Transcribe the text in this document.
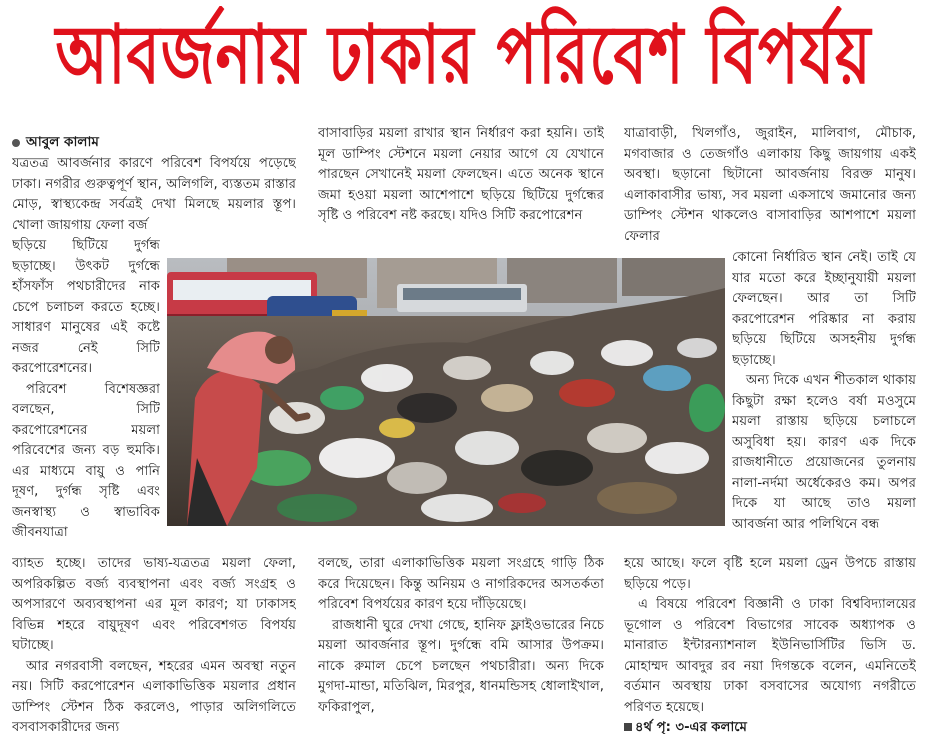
আবর্জনায় ঢাকার পরিবেশ বিপর্যয়
আবুল কালাম

যত্রতত্র আবর্জনার কারণে পরিবেশ বিপর্যয়ে পড়েছে ঢাকা। নগরীর গুরুত্বপূর্ণ স্থান, অলিগলি, ব্যস্ততম রাস্তার মোড়, স্বাস্থ্যকেন্দ্র সর্বত্রই দেখা মিলছে ময়লার স্তূপ। খোলা জায়গায় ফেলা বর্জ

ছড়িয়ে ছিটিয়ে দুর্গন্ধ ছড়াচ্ছে। উৎকট দুর্গন্ধে হাঁসফাঁস পথচারীদের নাক চেপে চলাচল করতে হচ্ছে। সাধারণ মানুষের এই কষ্টে নজর নেই সিটি করপোরেশনের।

পরিবেশ বিশেষজ্ঞরা বলছেন, সিটি করপোরেশনের ময়লা পরিবেশের জন্য বড় হুমকি। এর মাধ্যমে বায়ু ও পানি দূষণ, দুর্গন্ধ সৃষ্টি এবং জনস্বাস্থ্য ও স্বাভাবিক জীবনযাত্রা

ব্যাহত হচ্ছে। তাদের ভাষ্য-যত্রতত্র ময়লা ফেলা, অপরিকল্পিত বর্জ্য ব্যবস্থাপনা এবং বর্জ্য সংগ্রহ ও অপসারণে অব্যবস্থাপনা এর মূল কারণ; যা ঢাকাসহ বিভিন্ন শহরে বায়ুদূষণ এবং পরিবেশগত বিপর্যয় ঘটাচ্ছে।

আর নগরবাসী বলছেন, শহরের এমন অবস্থা নতুন নয়। সিটি করপোরেশন এলাকাভিত্তিক ময়লার প্রধান ডাম্পিং স্টেশন ঠিক করলেও, পাড়ার অলিগলিতে বসবাসকারীদের জন্য

বাসাবাড়ির ময়লা রাখার স্থান নির্ধারণ করা হয়নি। তাই মূল ডাম্পিং স্টেশনে ময়লা নেয়ার আগে যে যেখানে পারছেন সেখানেই ময়লা ফেলছেন। এতে অনেক স্থানে জমা হওয়া ময়লা আশেপাশে ছড়িয়ে ছিটিয়ে দুর্গন্ধের সৃষ্টি ও পরিবেশ নষ্ট করছে। যদিও সিটি করপোরেশন

বলছে, তারা এলাকাভিত্তিক ময়লা সংগ্রহে গাড়ি ঠিক করে দিয়েছেন। কিন্তু অনিয়ম ও নাগরিকদের অসতর্কতা পরিবেশ বিপর্যয়ের কারণ হয়ে দাঁড়িয়েছে।

রাজধানী ঘুরে দেখা গেছে, হানিফ ফ্লাইওভারের নিচে ময়লা আবর্জনার স্তূপ। দুর্গন্ধে বমি আসার উপক্রম। নাকে রুমাল চেপে চলছেন পথচারীরা। অন্য দিকে মুগদা-মান্ডা, মতিঝিল, মিরপুর, ধানমন্ডিসহ ধোলাইখাল, ফকিরাপুল,

যাত্রাবাড়ী, খিলগাঁও, জুরাইন, মালিবাগ, মৌচাক, মগবাজার ও তেজগাঁও এলাকায় কিছু জায়গায় একই অবস্থা। ছড়ানো ছিটানো আবর্জনায় বিরক্ত মানুষ। এলাকাবাসীর ভাষ্য, সব ময়লা একসাথে জমানোর জন্য ডাম্পিং স্টেশন থাকলেও বাসাবাড়ির আশপাশে ময়লা ফেলার

কোনো নির্ধারিত স্থান নেই। তাই যে যার মতো করে ইচ্ছানুযায়ী ময়লা ফেলছেন। আর তা সিটি করপোরেশন পরিষ্কার না করায় ছড়িয়ে ছিটিয়ে অসহনীয় দুর্গন্ধ ছড়াচ্ছে।

অন্য দিকে এখন শীতকাল থাকায় কিছুটা রক্ষা হলেও বর্ষা মওসুমে ময়লা রাস্তায় ছড়িয়ে চলাচলে অসুবিধা হয়। কারণ এক দিকে রাজধানীতে প্রয়োজনের তুলনায় নালা-নর্দমা অর্ধেকেরও কম। অপর দিকে যা আছে তাও ময়লা আবর্জনা আর পলিথিনে বন্ধ

হয়ে আছে। ফলে বৃষ্টি হলে ময়লা ড্রেন উপচে রাস্তায় ছড়িয়ে পড়ে।

এ বিষয়ে পরিবেশ বিজ্ঞানী ও ঢাকা বিশ্ববিদ্যালয়ের ভূগোল ও পরিবেশ বিভাগের সাবেক অধ্যাপক ও মানারাত ইন্টারন্যাশনাল ইউনিভার্সিটির ভিসি ড. মোহাম্মদ আবদুর রব নয়া দিগন্তকে বলেন, এমনিতেই বর্তমান অবস্থায় ঢাকা বসবাসের অযোগ্য নগরীতে পরিণত হয়েছে।

৪র্থ পৃ: ৩-এর কলামে
